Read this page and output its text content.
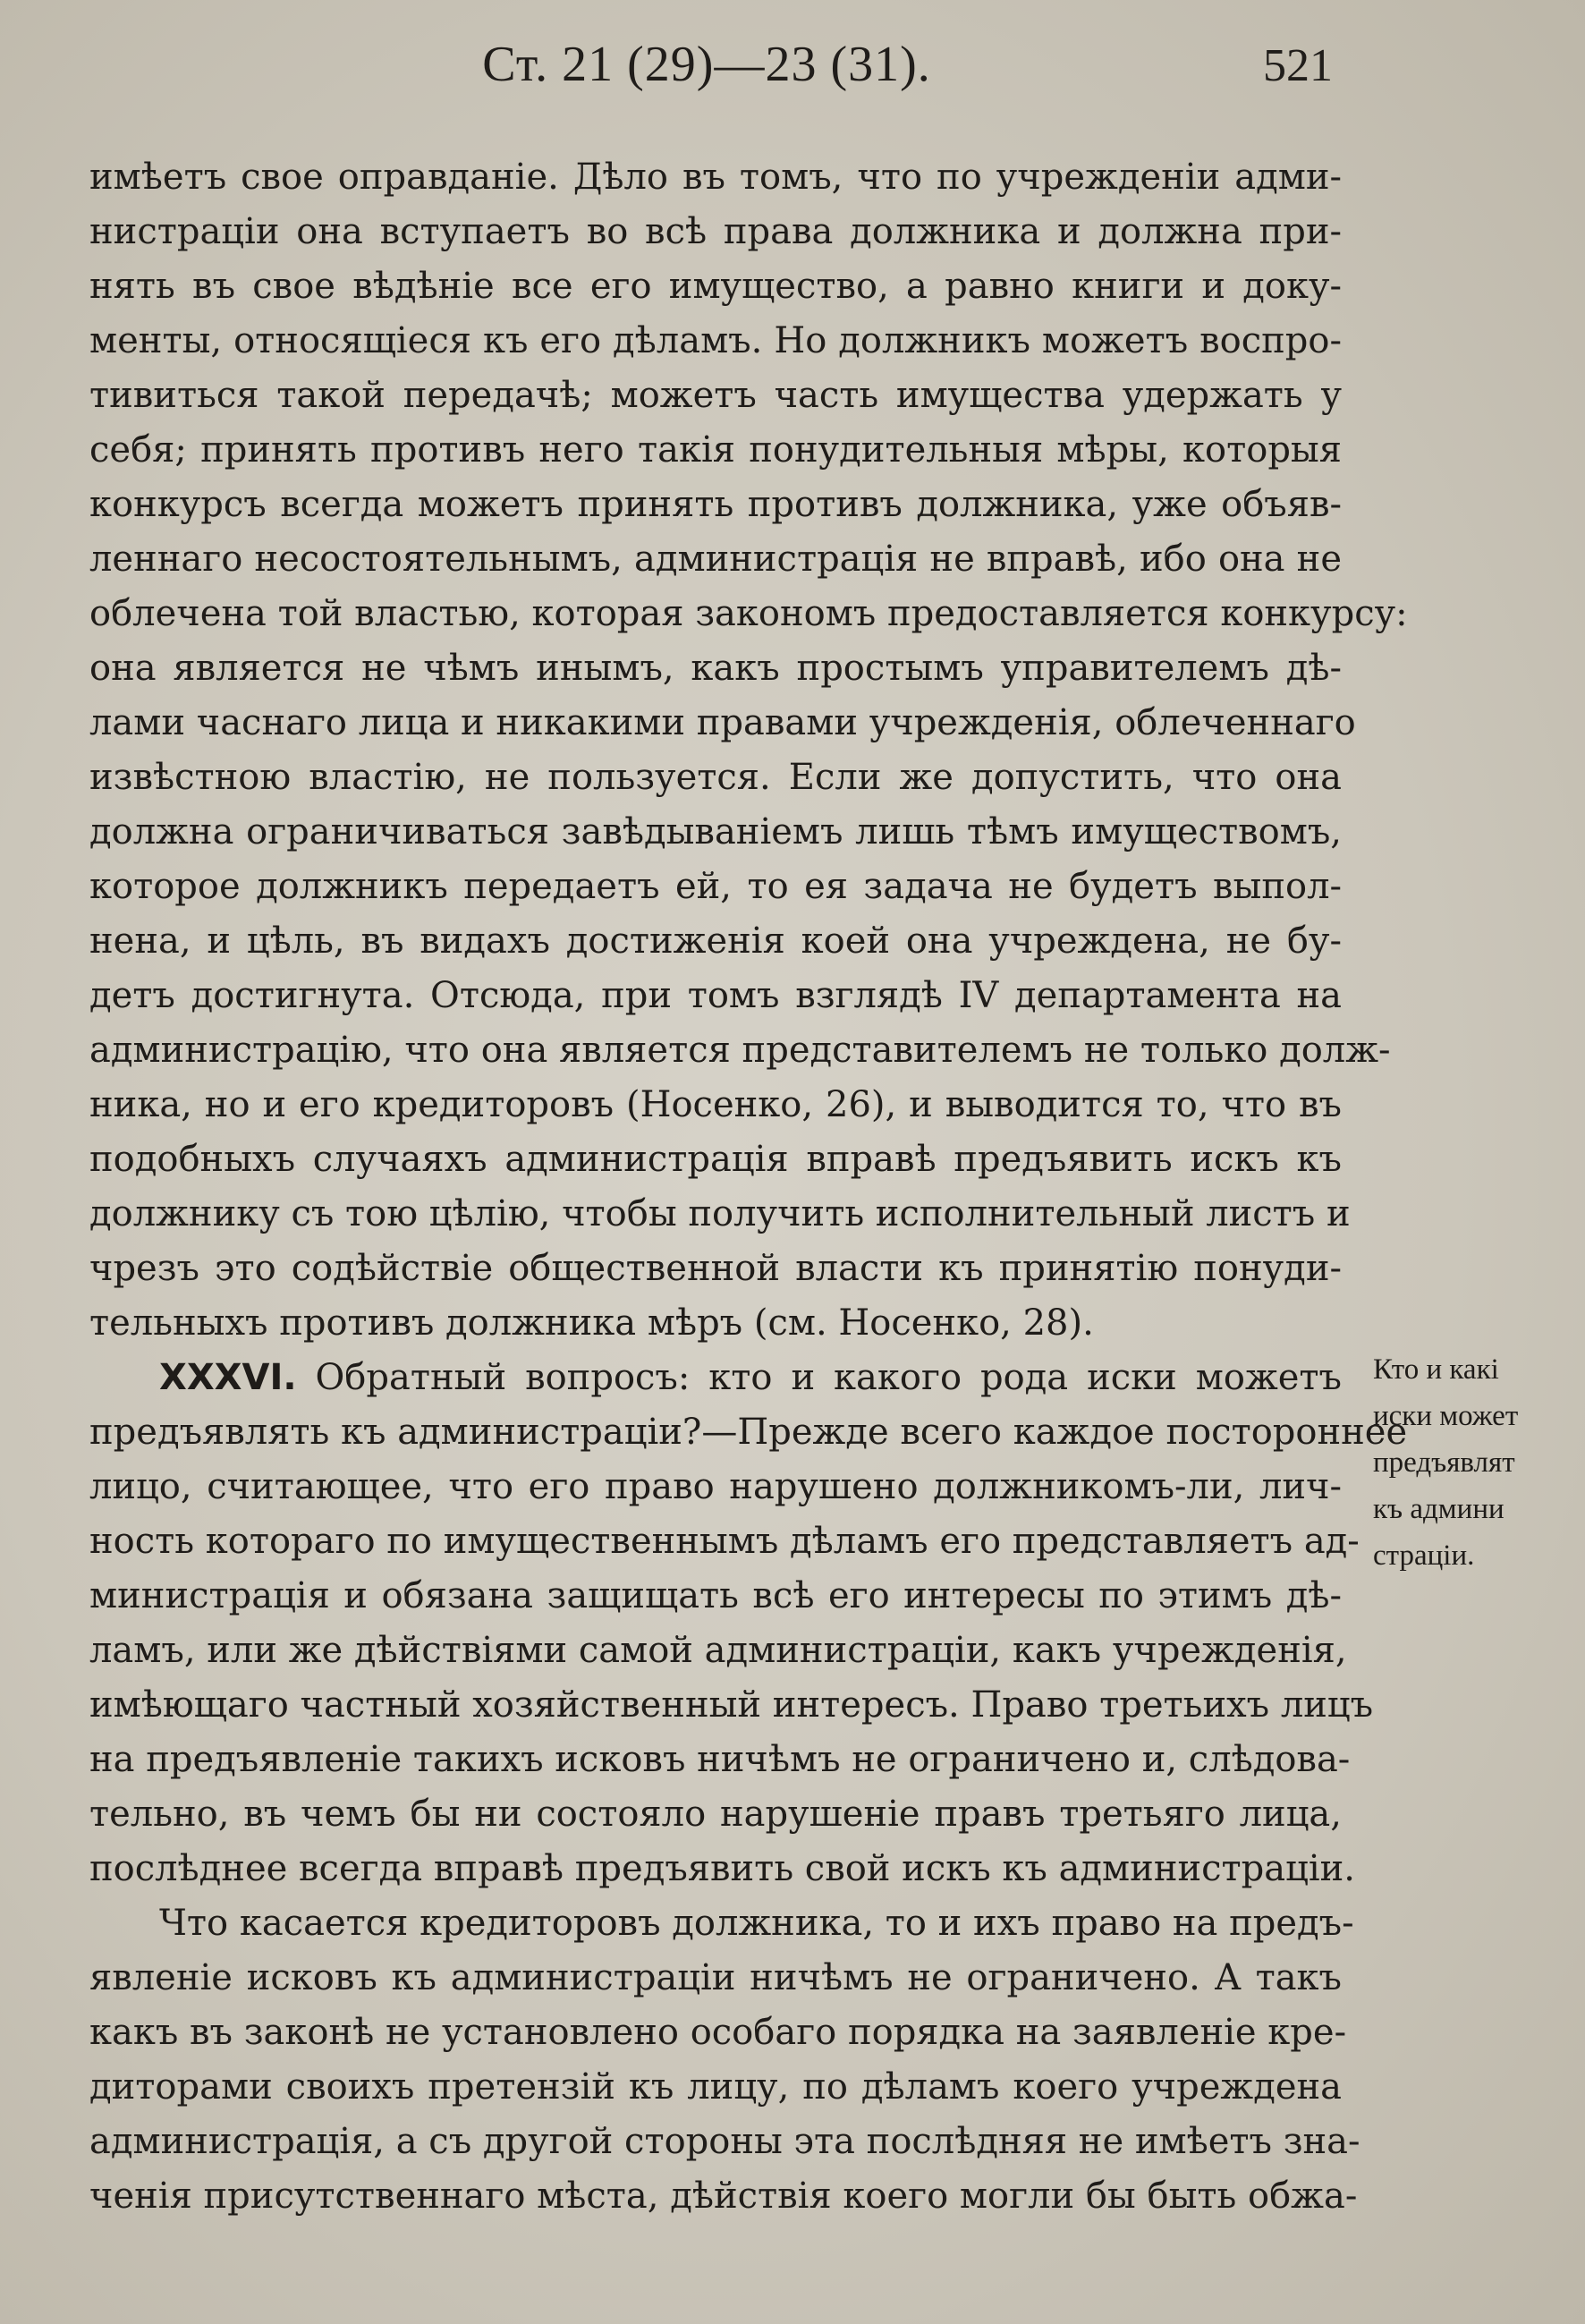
Ст. 21 (29)—23 (31).	521
имѣетъ свое оправданіе. Дѣло въ томъ, что по учрежденіи адми-
нистраціи она вступаетъ во всѣ права должника и должна при-
нять въ свое вѣдѣніе все его имущество, а равно книги и доку-
менты, относящіеся къ его дѣламъ. Но должникъ можетъ воспро-
тивиться такой передачѣ; можетъ часть имущества удержать у
себя; принять противъ него такія понудительныя мѣры, которыя
конкурсъ всегда можетъ принять противъ должника, уже объяв-
леннаго несостоятельнымъ, администрація не вправѣ, ибо она не
облечена той властью, которая закономъ предоставляется конкурсу:
она является не чѣмъ инымъ, какъ простымъ управителемъ дѣ-
лами часнаго лица и никакими правами учрежденія, облеченнаго
извѣстною властію, не пользуется. Если же допустить, что она
должна ограничиваться завѣдываніемъ лишь тѣмъ имуществомъ,
которое должникъ передаетъ ей, то ея задача не будетъ выпол-
нена, и цѣль, въ видахъ достиженія коей она учреждена, не бу-
детъ достигнута. Отсюда, при томъ взглядѣ IV департамента на
администрацію, что она является представителемъ не только долж-
ника, но и его кредиторовъ (Носенко, 26), и выводится то, что въ
подобныхъ случаяхъ администрація вправѣ предъявить искъ къ
должнику съ тою цѣлію, чтобы получить исполнительный листъ и
чрезъ это содѣйствіе общественной власти къ принятію понуди-
тельныхъ противъ должника мѣръ (см. Носенко, 28).
XXXVI. Обратный вопросъ: кто и какого рода иски можетъ
предъявлять къ администраціи?—Прежде всего каждое постороннее
лицо, считающее, что его право нарушено должникомъ-ли, лич-
ность котораго по имущественнымъ дѣламъ его представляетъ ад-
министрація и обязана защищать всѣ его интересы по этимъ дѣ-
ламъ, или же дѣйствіями самой администраціи, какъ учрежденія,
имѣющаго частный хозяйственный интересъ. Право третьихъ лицъ
на предъявленіе такихъ исковъ ничѣмъ не ограничено и, слѣдова-
тельно, въ чемъ бы ни состояло нарушеніе правъ третьяго лица,
послѣднее всегда вправѣ предъявить свой искъ къ администраціи.
Что касается кредиторовъ должника, то и ихъ право на предъ-
явленіе исковъ къ администраціи ничѣмъ не ограничено. А такъ
какъ въ законѣ не установлено особаго порядка на заявленіе кре-
диторами своихъ претензій къ лицу, по дѣламъ коего учреждена
администрація, а съ другой стороны эта послѣдняя не имѣетъ зна-
ченія присутственнаго мѣста, дѣйствія коего могли бы быть обжа-
Кто и какі
иски может
предъявлят
къ админи
страціи.
